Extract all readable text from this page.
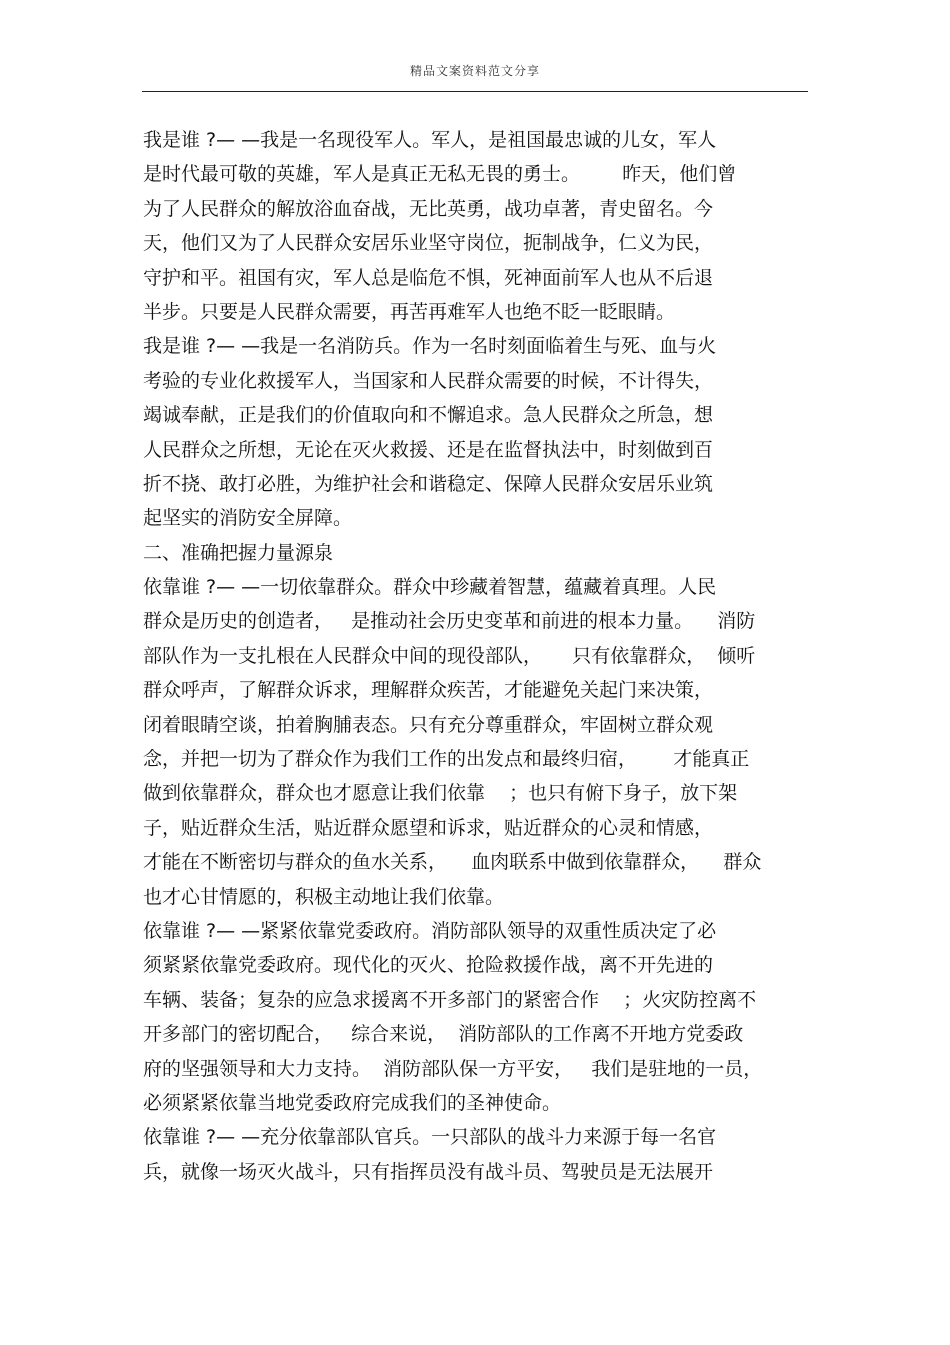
精品文案资料范文分享
我是谁 ?— —我是一名现役军人。军人，是祖国最忠诚的儿女，军人
是时代最可敬的英雄，军人是真正无私无畏的勇士。       昨天，他们曾
为了人民群众的解放浴血奋战，无比英勇，战功卓著，青史留名。今
天，他们又为了人民群众安居乐业坚守岗位，扼制战争，仁义为民，
守护和平。祖国有灾，军人总是临危不惧，死神面前军人也从不后退
半步。只要是人民群众需要，再苦再难军人也绝不眨一眨眼睛。
我是谁 ?— —我是一名消防兵。作为一名时刻面临着生与死、血与火
考验的专业化救援军人，当国家和人民群众需要的时候，不计得失，
竭诚奉献，正是我们的价值取向和不懈追求。急人民群众之所急，想
人民群众之所想，无论在灭火救援、还是在监督执法中，时刻做到百
折不挠、敢打必胜，为维护社会和谐稳定、保障人民群众安居乐业筑
起坚实的消防安全屏障。
二、准确把握力量源泉
依靠谁 ?— —一切依靠群众。群众中珍藏着智慧，蕴藏着真理。人民
群众是历史的创造者，   是推动社会历史变革和前进的根本力量。    消防
部队作为一支扎根在人民群众中间的现役部队，     只有依靠群众，  倾听
群众呼声，了解群众诉求，理解群众疾苦，才能避免关起门来决策，
闭着眼睛空谈，拍着胸脯表态。只有充分尊重群众，牢固树立群众观
念，并把一切为了群众作为我们工作的出发点和最终归宿，      才能真正
做到依靠群众，群众也才愿意让我们依靠    ；也只有俯下身子，放下架
子，贴近群众生活，贴近群众愿望和诉求，贴近群众的心灵和情感，
才能在不断密切与群众的鱼水关系，    血肉联系中做到依靠群众，    群众
也才心甘情愿的，积极主动地让我们依靠。
依靠谁 ?— —紧紧依靠党委政府。消防部队领导的双重性质决定了必
须紧紧依靠党委政府。现代化的灭火、抢险救援作战，离不开先进的
车辆、装备；复杂的应急求援离不开多部门的紧密合作    ；火灾防控离不
开多部门的密切配合，   综合来说，  消防部队的工作离不开地方党委政
府的坚强领导和大力支持。  消防部队保一方平安，   我们是驻地的一员，
必须紧紧依靠当地党委政府完成我们的圣神使命。
依靠谁 ?— —充分依靠部队官兵。一只部队的战斗力来源于每一名官
兵，就像一场灭火战斗，只有指挥员没有战斗员、驾驶员是无法展开
